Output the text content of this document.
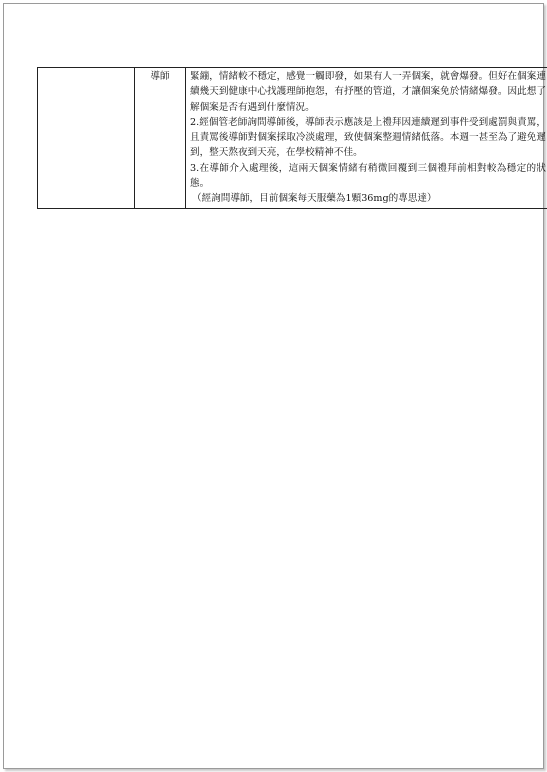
	導師	緊繃，情緒較不穩定，感覺一觸即發，如果有人一弄個案，就會爆發。但好在個案連續幾天到健康中心找護理師抱怨，有抒壓的管道，才讓個案免於情緒爆發。因此想了解個案是否有遇到什麼情況。

2.經個管老師詢問導師後，導師表示應該是上禮拜因連續遲到事件受到處罰與責罵，且責罵後導師對個案採取冷淡處理，致使個案整週情緒低落。本週一甚至為了避免遲到，整天熬夜到天亮，在學校精神不佳。

3.在導師介入處理後，這兩天個案情緒有稍微回覆到三個禮拜前相對較為穩定的狀態。

（經詢問導師，目前個案每天服藥為1顆36mg的專思達）
